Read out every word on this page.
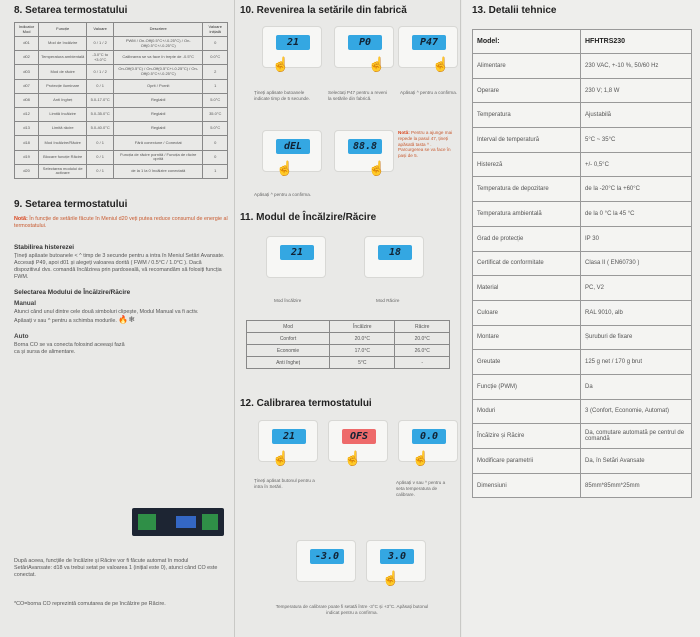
8. Setarea termostatului
Indicator Mod	Funcție	Valoare	Descriere	Valoare inițială
d01	Mod de încălzire	0 / 1 / 2	PWM / On-Off(0.5°C+/-0.25°C) / On-Off(0.5°C+/-0.25°C)	0
d02	Temperatura ambientală	-3.0°C to +3.0°C	Calibrarea se va face în trepte de -0.5°C	0.0°C
d03	Mod de răcire	0 / 1 / 2	On-Off(0.5°C) / On-Off(0.5°C+/-0.25°C) / On-Off(0.5°C+/-0.25°C)	2
d07	Protecție iluminare	0 / 1	Oprit / Pornit	1
d08	Anti îngheț	5.0-17.0°C	Reglabil	5.0°C
d12	Limită încălzire	5.0-35.0°C	Reglabil	35.0°C
d13	Limită răcire	5.0-40.0°C	Reglabil	5.0°C
d18	Mod încălzire/Răcire	0 / 1	Fără conexiune / Conectat	0
d19	Blocare funcție Răcire	0 / 1	Funcția de răcire pornită / Funcția de răcire oprită	0
d20	Selectarea modului de activare	0 / 1	de la 1 la 0 încălzire conectată	1
9. Setarea termostatului
Notă: În funcție de setările făcute în Meniul d20 veți putea reduce consumul de energie al termostatului.
Stabilirea histerezei
Țineți apăsate butoanele < ^ timp de 3 secunde pentru a intra în Meniul Setări Avansate. Accesați P49, apoi d01 și alegeți valoarea dorită ( FWM / 0.5°C / 1.0°C ). Dacă dispozitivul dvs. comandă încălzirea prin pardoseală, vă recomandăm să folosiți funcția FWM.
Selectarea Modului de Încălzire/Răcire
Manual
Atunci când unul dintre cele două simboluri clipește, Modul Manual va fi activ. Apăsați v sau ^ pentru a schimba modurile. 🔥❄
Auto
Borna CO se va conecta folosind aceeași fază ca și sursa de alimentare.
După aceea, funcțiile de încălzire și Răcire vor fi făcute automat în modul SetăriAvansate: d18 va trebui setat pe valoarea 1 (inițial este 0), atunci când CO este conectat.
*CO=borna CO reprezintă comutarea de pe încălzire pe Răcire.
10. Revenirea la setările din fabrică
21
☝
P0
☝
P47
☝
Țineți apăsate butoanele indicate timp de 5 secunde.
Selectați P47 pentru a reveni la setările din fabrică.
Apăsați ^ pentru a confirma.
dEL
☝
88.8
☝
Notă: Pentru a ajunge mai repede la pasul 47, țineți apăsată tasta ^ . Parcurgerea se va face în pași de 5.
Apăsați ^ pentru a confirma.
11. Modul de Încălzire/Răcire
21	18
Mod Încălzire	Mod Răcire
Mod	Încălzire	Răcire
Confort	20.0°C	20.0°C
Economie	17.0°C	26.0°C
Anti îngheț	5°C	-
12. Calibrarea termostatului
21
☝
OFS
☝
0.0
☝
Țineți apăsat butonul pentru a intra în Setări.
Apăsați v sau ^ pentru a seta temperatura de calibrare.
-3.0	3.0
☝
Temperatura de calibrare poate fi setată între -3°C și +3°C. Apăsați butonul indicat pentru a confirma.
13. Detalii tehnice
Model:	HFHTRS230
Alimentare	230 VAC, +-10 %, 50/60 Hz
Operare	230 V; 1,8 W
Temperatura	Ajustabilă
Interval de temperatură	5°C ~ 35°C
Histereză	+/- 0,5°C
Temperatura de depozitare	de la -20°C la +60°C
Temperatura ambientală	de la 0 °C la 45 °C
Grad de protecție	IP 30
Certificat de conformitate	Clasa II ( EN60730 )
Material	PC, V2
Culoare	RAL 9010, alb
Montare	Șuruburi de fixare
Greutate	125 g net / 170 g brut
Funcție (PWM)	Da
Moduri	3 (Confort, Economie, Automat)
Încălzire și Răcire	Da, comutare automată pe centrul de comandă
Modificare parametrii	Da, în Setări Avansate
Dimensiuni	85mm*85mm*25mm
